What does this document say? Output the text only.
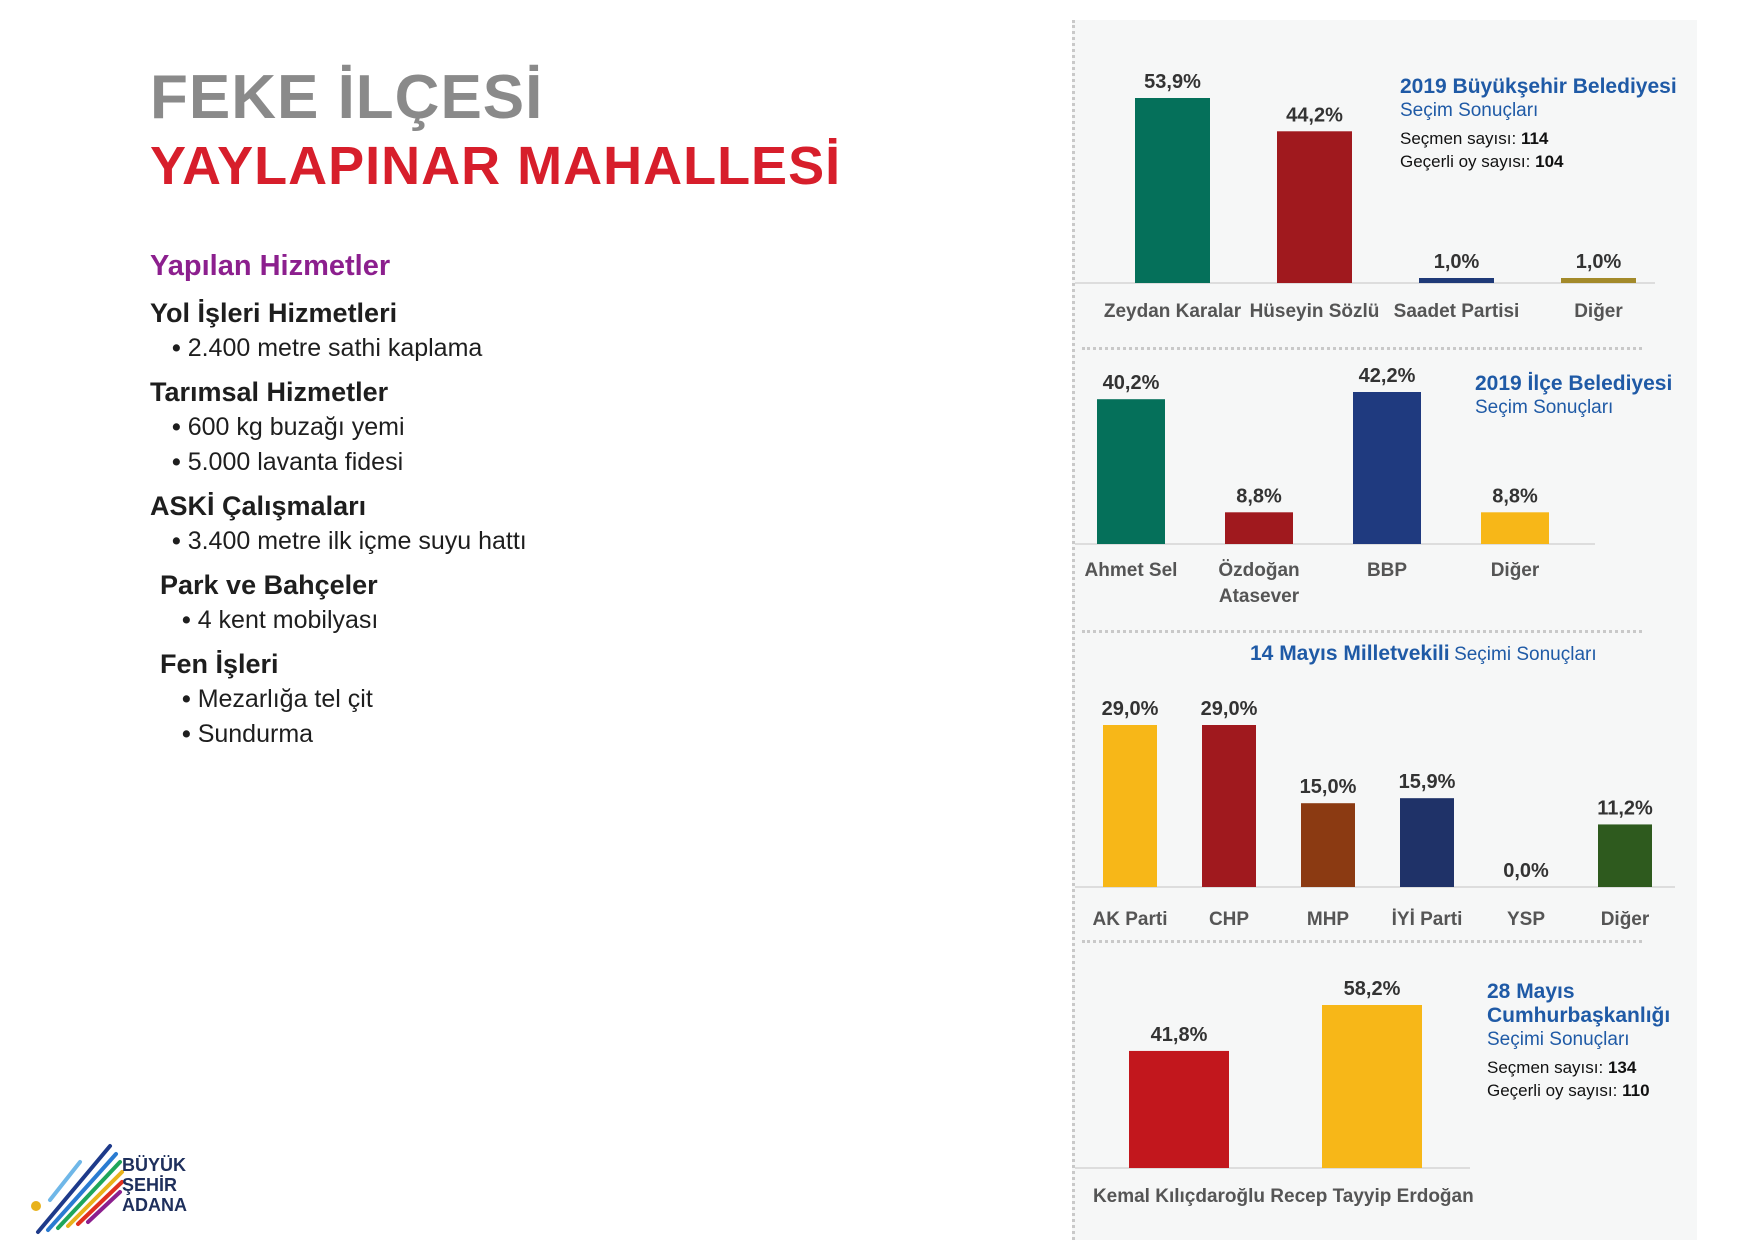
FEKE İLÇESİ
YAYLAPINAR MAHALLESİ
Yapılan Hizmetler
Yol İşleri Hizmetleri
• 2.400 metre sathi kaplama
Tarımsal Hizmetler
• 600 kg buzağı yemi
• 5.000 lavanta fidesi
ASKİ Çalışmaları
• 3.400 metre ilk içme suyu hattı
Park ve Bahçeler
• 4 kent mobilyası
Fen İşleri
• Mezarlığa tel çit
• Sundurma
53,9%
Zeydan Karalar
44,2%
Hüseyin Sözlü
1,0%
Saadet Partisi
1,0%
Diğer

2019 Büyükşehir Belediyesi

Seçim Sonuçları

Seçmen sayısı: 114

Geçerli oy sayısı: 104

40,2%
Ahmet Sel
8,8%
Özdoğan
Atasever
42,2%
BBP
8,8%
Diğer

2019 İlçe Belediyesi

Seçim Sonuçları

14 Mayıs Milletvekili Seçimi Sonuçları
29,0%
AK Parti
29,0%
CHP
15,0%
MHP
15,9%
İYİ Parti
0,0%
YSP
11,2%
Diğer
41,8%
Kemal Kılıçdaroğlu
58,2%
Recep Tayyip Erdoğan

28 Mayıs

Cumhurbaşkanlığı

Seçimi Sonuçları

Seçmen sayısı: 134

Geçerli oy sayısı: 110

BÜYÜK
ŞEHİR
ADANA
